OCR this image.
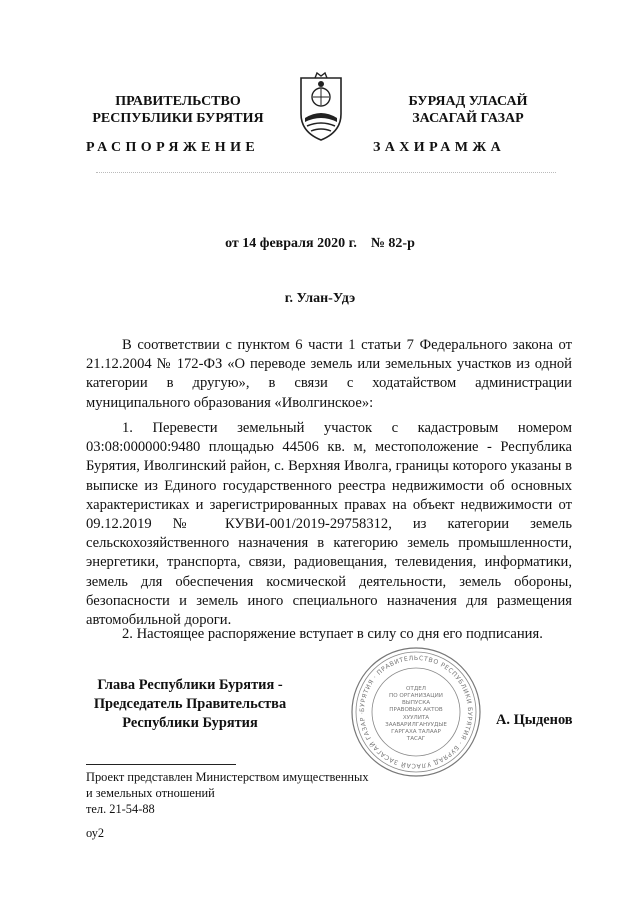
ПРАВИТЕЛЬСТВО
РЕСПУБЛИКИ БУРЯТИЯ
БУРЯАД УЛАСАЙ
ЗАСАГАЙ ГАЗАР
РАСПОРЯЖЕНИЕ	ЗАХИРАМЖА
от 14 февраля 2020 г.    № 82-р
г. Улан-Удэ
В соответствии с пунктом 6 части 1 статьи 7 Федерального закона от 21.12.2004 № 172-ФЗ «О переводе земель или земельных участков из одной категории в другую», в связи с ходатайством администрации муниципального образования «Иволгинское»:
1. Перевести земельный участок с кадастровым номером 03:08:000000:9480 площадью 44506 кв. м, местоположение - Республика Бурятия, Иволгинский район, с. Верхняя Иволга, границы которого указаны в выписке из Единого государственного реестра недвижимости об основных характеристиках и зарегистрированных правах на объект недвижимости от 09.12.2019 № КУВИ-001/2019-29758312, из категории земель сельскохозяйственного назначения в категорию земель промышленности, энергетики, транспорта, связи, радиовещания, телевидения, информатики, земель для обеспечения космической деятельности, земель обороны, безопасности и земель иного специального назначения для размещения автомобильной дороги.
2. Настоящее распоряжение вступает в силу со дня его подписания.
Глава Республики Бурятия -
Председатель Правительства
Республики Бурятия
БУРЯТИЯ · ПРАВИТЕЛЬСТВО РЕСПУБЛИКИ БУРЯТИЯ · БУРЯАД УЛАСАЙ ЗАСАГАЙ ГАЗАР ·
ОТДЕЛ
ПО ОРГАНИЗАЦИИ
ВЫПУСКА
ПРАВОВЫХ АКТОВ
ХУУЛИТА
ЗААВАРИЛГАНУУДЫЕ
ГАРГАХА ТАЛААР
ТАСАГ
А. Цыденов
Проект представлен Министерством имущественных
и земельных отношений
тел. 21-54-88
оу2
